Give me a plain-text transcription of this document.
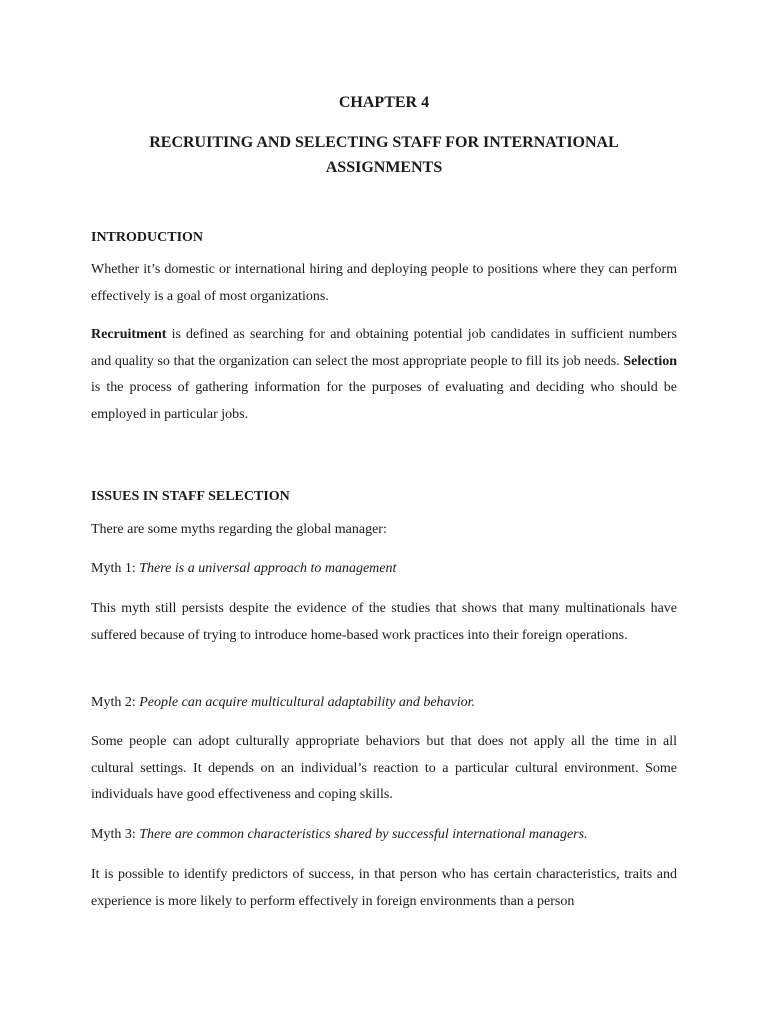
CHAPTER 4
RECRUITING AND SELECTING STAFF FOR INTERNATIONAL
ASSIGNMENTS
INTRODUCTION

Whether it’s domestic or international hiring and deploying people to positions where they can perform effectively is a goal of most organizations.

Recruitment is defined as searching for and obtaining potential job candidates in sufficient numbers and quality so that the organization can select the most appropriate people to fill its job needs. Selection is the process of gathering information for the purposes of evaluating and deciding who should be employed in particular jobs.

ISSUES IN STAFF SELECTION

There are some myths regarding the global manager:

Myth 1: There is a universal approach to management

This myth still persists despite the evidence of the studies that shows that many multinationals have suffered because of trying to introduce home-based work practices into their foreign operations.

Myth 2: People can acquire multicultural adaptability and behavior.

Some people can adopt culturally appropriate behaviors but that does not apply all the time in all cultural settings. It depends on an individual’s reaction to a particular cultural environment. Some individuals have good effectiveness and coping skills.

Myth 3: There are common characteristics shared by successful international managers.

It is possible to identify predictors of success, in that person who has certain characteristics, traits and experience is more likely to perform effectively in foreign environments than a person
